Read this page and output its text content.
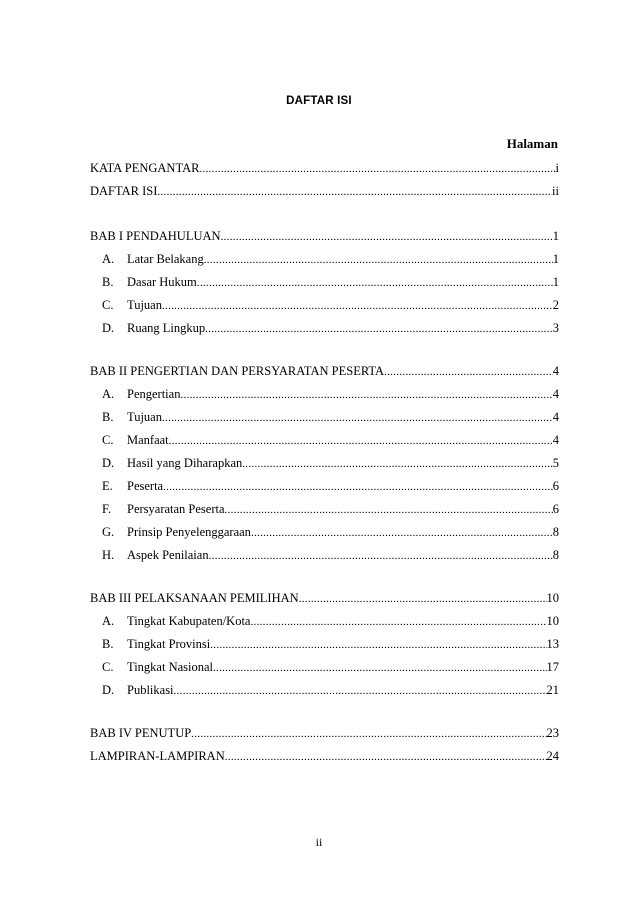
DAFTAR ISI
Halaman
KATA PENGANTAR .....	i
DAFTAR ISI .....	ii
BAB I PENDAHULUAN .....	1
A.	Latar Belakang .....	1
B.	Dasar Hukum .....	1
C.	Tujuan .....	2
D.	Ruang Lingkup .....	3
BAB II PENGERTIAN DAN PERSYARATAN PESERTA .....	4
A.	Pengertian .....	4
B.	Tujuan .....	4
C.	Manfaat .....	4
D.	Hasil yang Diharapkan .....	5
E.	Peserta .....	6
F.	Persyaratan Peserta .....	6
G.	Prinsip Penyelenggaraan .....	8
H.	Aspek Penilaian .....	8
BAB III PELAKSANAAN PEMILIHAN .....	10
A.	Tingkat Kabupaten/Kota .....	10
B.	Tingkat Provinsi .....	13
C.	Tingkat Nasional .....	17
D.	Publikasi .....	21
BAB IV PENUTUP .....	23
LAMPIRAN-LAMPIRAN .....	24
ii
